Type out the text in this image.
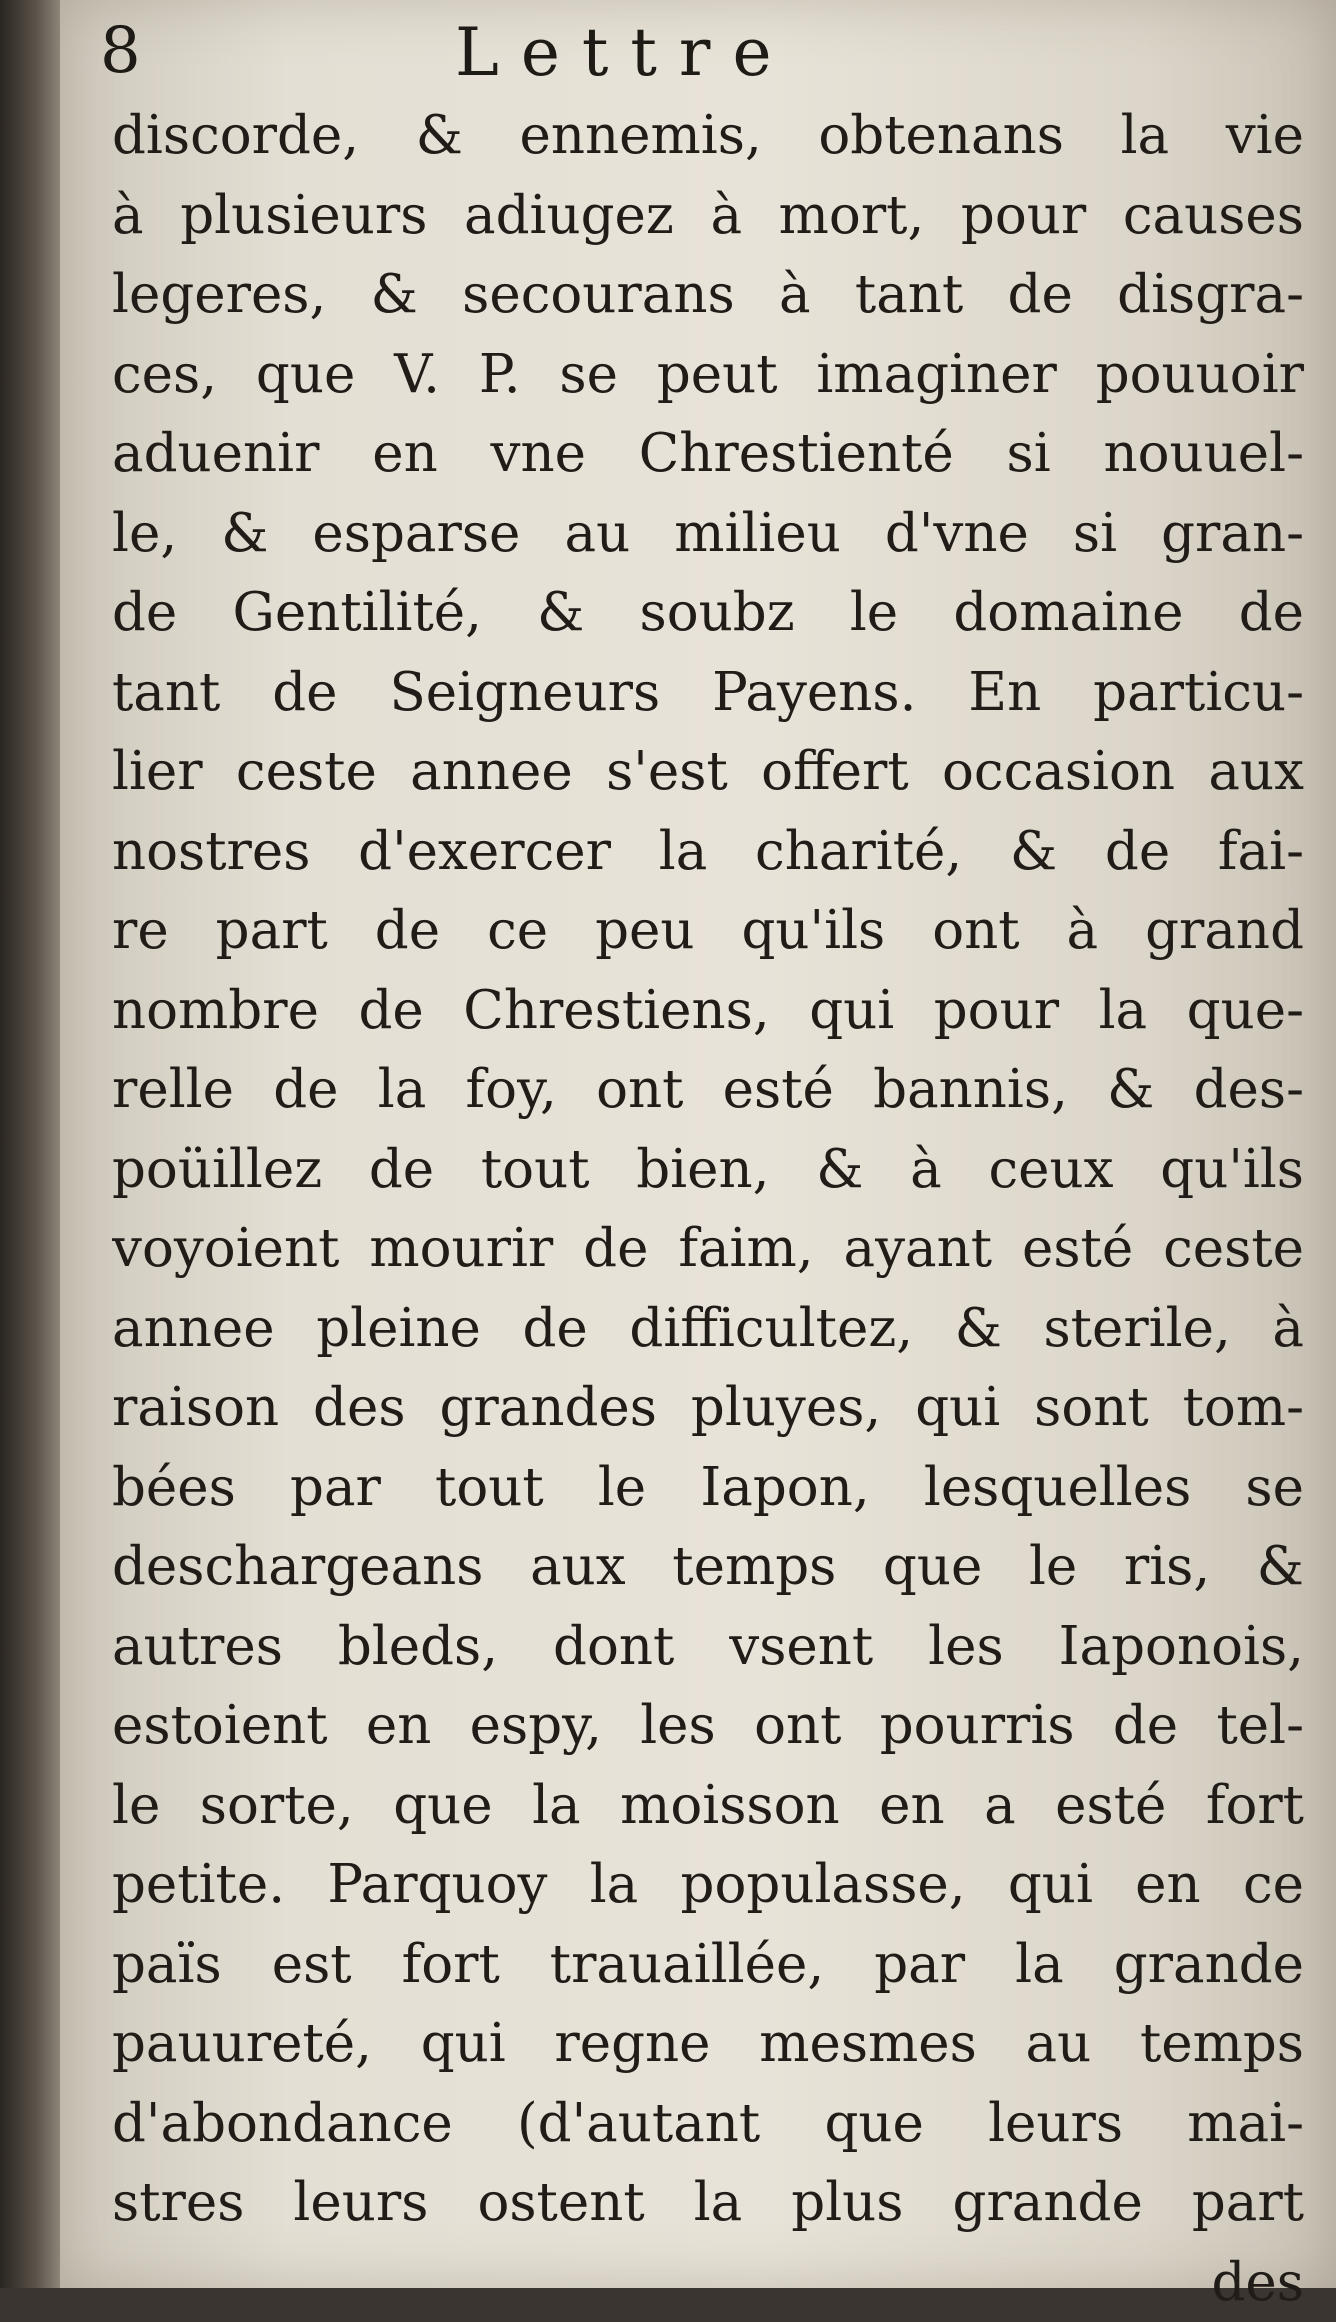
8	Lettre
discorde, & ennemis, obtenans la vie
à plusieurs adiugez à mort, pour causes
legeres, & secourans à tant de disgra-
ces, que V. P. se peut imaginer pouuoir
aduenir en vne Chrestienté si nouuel-
le, & esparse au milieu d'vne si gran-
de Gentilité, & soubz le domaine de
tant de Seigneurs Payens. En particu-
lier ceste annee s'est offert occasion aux
nostres d'exercer la charité, & de fai-
re part de ce peu qu'ils ont à grand
nombre de Chrestiens, qui pour la que-
relle de la foy, ont esté bannis, & des-
poüillez de tout bien, & à ceux qu'ils
voyoient mourir de faim, ayant esté ceste
annee pleine de difficultez, & sterile, à
raison des grandes pluyes, qui sont tom-
bées par tout le Iapon, lesquelles se
deschargeans aux temps que le ris, &
autres bleds, dont vsent les Iaponois,
estoient en espy, les ont pourris de tel-
le sorte, que la moisson en a esté fort
petite. Parquoy la populasse, qui en ce
païs est fort trauaillée, par la grande
pauureté, qui regne mesmes au temps
d'abondance (d'autant que leurs mai-
stres leurs ostent la plus grande part
des
